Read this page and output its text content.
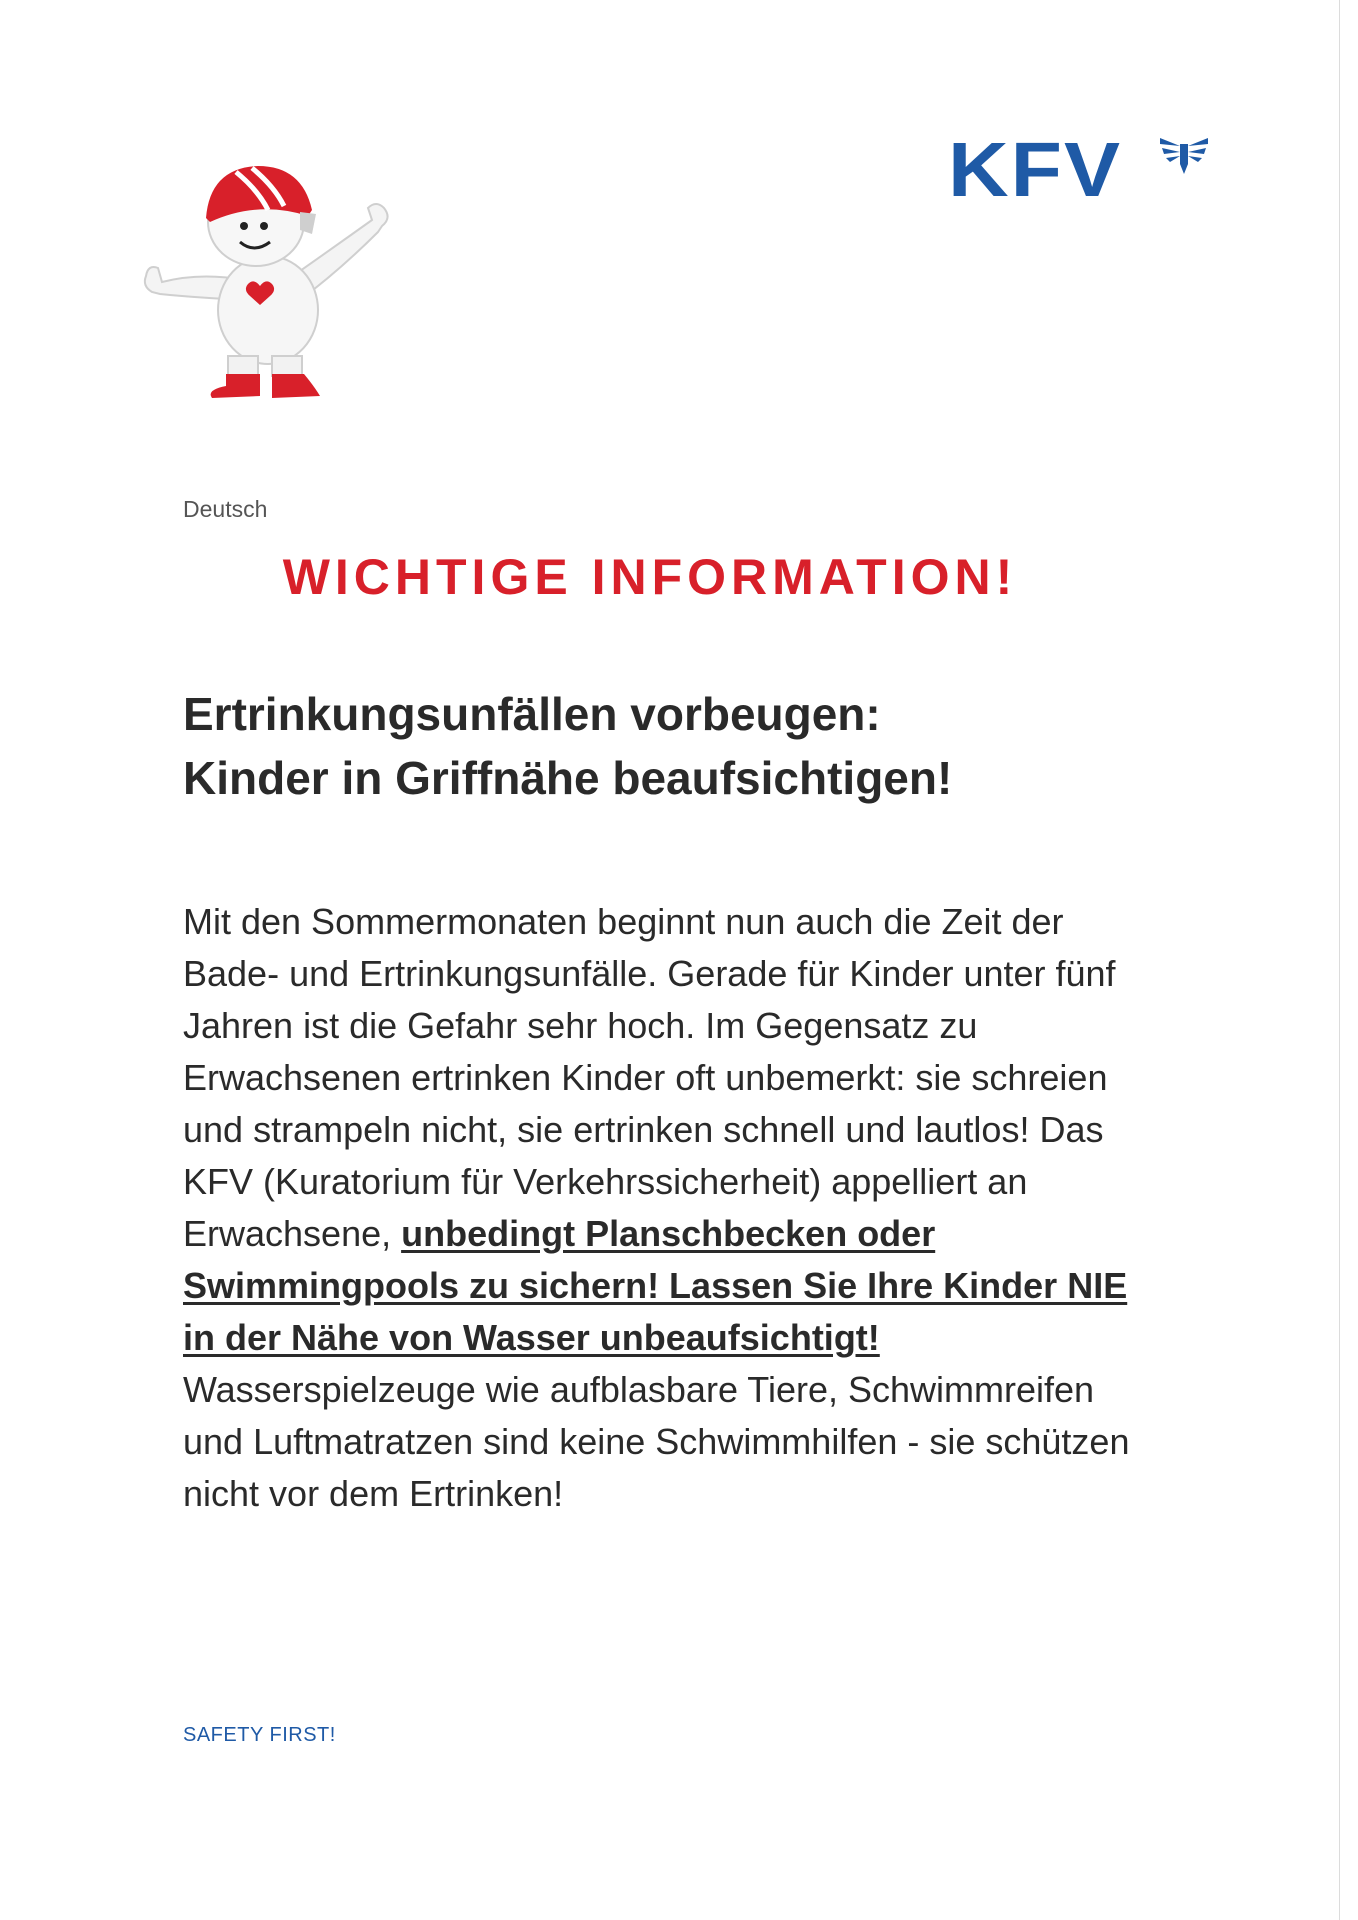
KFV
Deutsch
WICHTIGE INFORMATION!
Ertrinkungsunfällen vorbeugen:
Kinder in Griffnähe beaufsichtigen!
Mit den Sommermonaten beginnt nun auch die Zeit der Bade- und Ertrinkungsunfälle. Gerade für Kinder unter fünf Jahren ist die Gefahr sehr hoch. Im Gegensatz zu Erwachsenen ertrinken Kinder oft unbemerkt: sie schreien und strampeln nicht, sie ertrinken schnell und lautlos! Das KFV (Kuratorium für Verkehrssicherheit) appelliert an Erwachsene, unbedingt Planschbecken oder Swimmingpools zu sichern! Lassen Sie Ihre Kinder NIE in der Nähe von Wasser unbeaufsichtigt! Wasserspielzeuge wie aufblasbare Tiere, Schwimmreifen und Luftmatratzen sind keine Schwimmhilfen - sie schützen nicht vor dem Ertrinken!
SAFETY FIRST!
